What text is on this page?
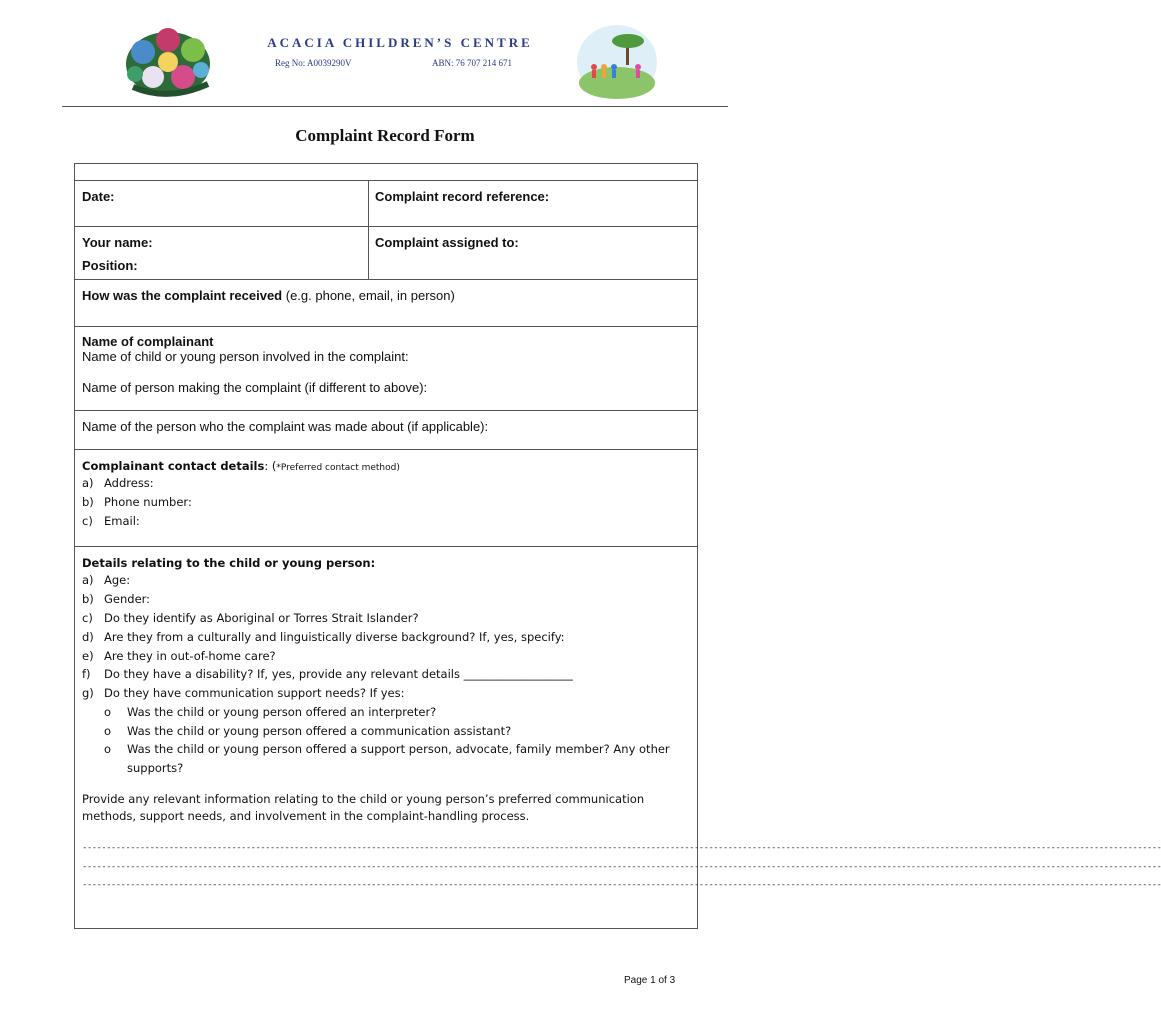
ACACIA CHILDREN’S CENTRE
Reg No: A0039290V	ABN: 76 707 214 671
Complaint Record Form
Date:	Complaint record reference:
Your name:	Complaint assigned to:
Position:
How was the complaint received (e.g. phone, email, in person)
Name of complainant
Name of child or young person involved in the complaint:
Name of person making the complaint (if different to above):
Name of the person who the complaint was made about (if applicable):
Complainant contact details: (*Preferred contact method)
a) Address:
b) Phone number:
c) Email:
Details relating to the child or young person:
a) Age:
b) Gender:
c) Do they identify as Aboriginal or Torres Strait Islander?
d) Are they from a culturally and linguistically diverse background? If, yes, specify:
e) Are they in out-of-home care?
f) Do they have a disability? If, yes, provide any relevant details ___________________
g) Do they have communication support needs? If yes:
o Was the child or young person offered an interpreter?
o Was the child or young person offered a communication assistant?
o Was the child or young person offered a support person, advocate, family member? Any other
supports?
Provide any relevant information relating to the child or young person’s preferred communication
methods, support needs, and involvement in the complaint-handling process.
--------------------------------------------------------------------------------------------------------------------------------------------------------------------------------------------------------------------------------
--------------------------------------------------------------------------------------------------------------------------------------------------------------------------------------------------------------------------------
--------------------------------------------------------------------------------------------------------------------------------------------------------------------------------------------------------------------------------
Page 1 of 3
